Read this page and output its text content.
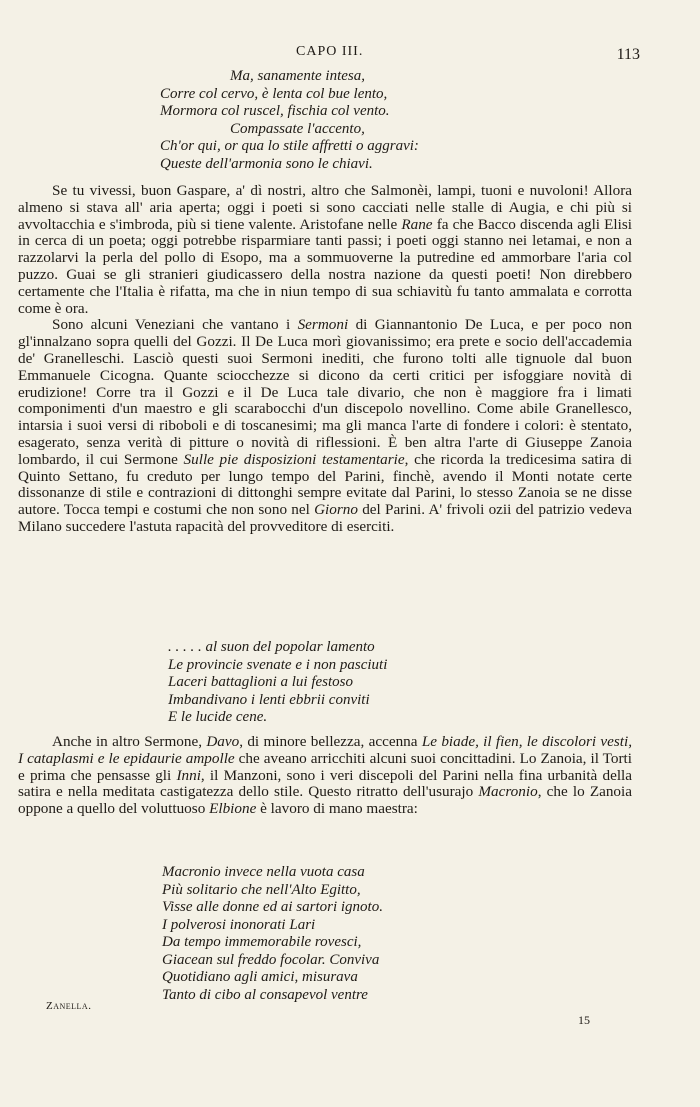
CAPO III.	113
Ma, sanamente intesa,
Corre col cervo, è lenta col bue lento,
Mormora col ruscel, fischia col vento.
Compassate l'accento,
Ch'or qui, or qua lo stile affretti o aggravi:
Queste dell'armonia sono le chiavi.

Se tu vivessi, buon Gaspare, a' dì nostri, altro che Salmonèi, lampi, tuoni e nuvoloni! Allora almeno si stava all' aria aperta; oggi i poeti si sono cacciati nelle stalle di Augia, e chi più si avvoltacchia e s'imbroda, più si tiene valente. Aristofane nelle Rane fa che Bacco discenda agli Elisi in cerca di un poeta; oggi potrebbe risparmiare tanti passi; i poeti oggi stanno nei letamai, e non a razzolarvi la perla del pollo di Esopo, ma a sommuoverne la putredine ed ammorbare l'aria col puzzo. Guai se gli stranieri giudicassero della nostra nazione da questi poeti! Non direbbero certamente che l'Italia è rifatta, ma che in niun tempo di sua schiavitù fu tanto ammalata e corrotta come è ora.

Sono alcuni Veneziani che vantano i Sermoni di Giannantonio De Luca, e per poco non gl'innalzano sopra quelli del Gozzi. Il De Luca morì giovanissimo; era prete e socio dell'accademia de' Granelleschi. Lasciò questi suoi Sermoni inediti, che furono tolti alle tignuole dal buon Emmanuele Cicogna. Quante sciocchezze si dicono da certi critici per isfoggiare novità di erudizione! Corre tra il Gozzi e il De Luca tale divario, che non è maggiore fra i limati componimenti d'un maestro e gli scarabocchi d'un discepolo novellino. Come abile Granellesco, intarsia i suoi versi di riboboli e di toscanesimi; ma gli manca l'arte di fondere i colori: è stentato, esagerato, senza verità di pitture o novità di riflessioni. È ben altra l'arte di Giuseppe Zanoia lombardo, il cui Sermone Sulle pie disposizioni testamentarie, che ricorda la tredicesima satira di Quinto Settano, fu creduto per lungo tempo del Parini, finchè, avendo il Monti notate certe dissonanze di stile e contrazioni di dittonghi sempre evitate dal Parini, lo stesso Zanoia se ne disse autore. Tocca tempi e costumi che non sono nel Giorno del Parini. A' frivoli ozii del patrizio vedeva Milano succedere l'astuta rapacità del provveditore di eserciti.

. . . . . al suon del popolar lamento
Le provincie svenate e i non pasciuti
Laceri battaglioni a lui festoso
Imbandivano i lenti ebbrii conviti
E le lucide cene.

Anche in altro Sermone, Davo, di minore bellezza, accenna Le biade, il fien, le discolori vesti, I cataplasmi e le epidaurie ampolle che aveano arricchiti alcuni suoi concittadini. Lo Zanoia, il Torti e prima che pensasse gli Inni, il Manzoni, sono i veri discepoli del Parini nella fina urbanità della satira e nella meditata castigatezza dello stile. Questo ritratto dell'usurajo Macronio, che lo Zanoia oppone a quello del voluttuoso Elbione è lavoro di mano maestra:

Macronio invece nella vuota casa
Più solitario che nell'Alto Egitto,
Visse alle donne ed ai sartori ignoto.
I polverosi inonorati Lari
Da tempo immemorabile rovesci,
Giacean sul freddo focolar. Conviva
Quotidiano agli amici, misurava
Tanto di cibo al consapevol ventre
Zanella.
15
